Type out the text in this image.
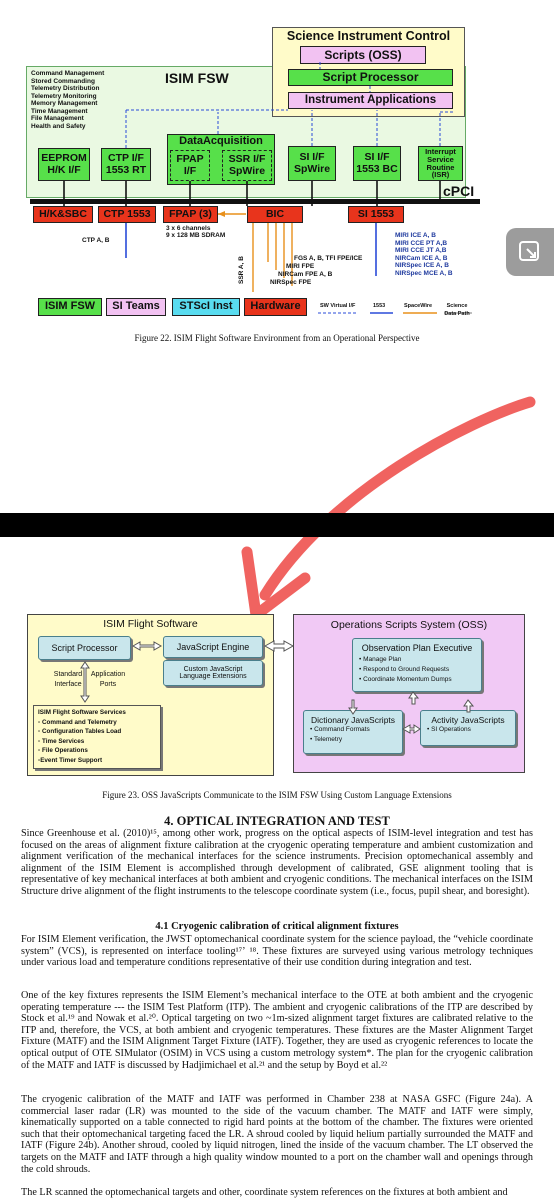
Science Instrument Control
Scripts (OSS)
Script Processor
Instrument Applications
ISIM FSW
Command Management
Stored Commanding
Telemetry Distribution
Telemetry Monitoring
Memory Management
Time Management
File Management
Health and Safety
DataAcquisition
EEPROM H/K I/F
CTP I/F 1553 RT
FPAP I/F
SSR I/F SpWire
SI I/F SpWire
SI I/F 1553 BC
Interrupt Service Routine (ISR)
cPCI
H/K&SBC	CTP 1553	FPAP (3)	BIC	SI 1553
CTP A, B
3 x 6 channels
9 x 128 MB SDRAM
SSR A, B	FGS A, B, TFI FPE/ICE
MIRI FPE
NIRCam FPE A, B
NIRSpec FPE
MIRI ICE A, B
MIRI CCE PT A,B
MIRI CCE JT A,B
NIRCam ICE A, B
NIRSpec ICE A, B
NIRSpec MCE A, B
ISIM FSW	SI Teams	STScI Inst	Hardware	SW Virtual I/F	1553	SpaceWire	Science Data Path
Figure 22. ISIM Flight Software Environment from an Operational Perspective
ISIM Flight Software
Script Processor	JavaScript Engine
Custom JavaScript Language Extensions
Standard Interface
Application Ports
ISIM Flight Software Services
▫ Command and Telemetry
▫ Configuration Tables Load
▫ Time Services
▫ File Operations
▫Event Timer Support
Operations Scripts System (OSS)
Observation Plan Executive
• Manage Plan
• Respond to Ground Requests
• Coordinate Momentum Dumps
Dictionary JavaScripts
• Command Formats
• Telemetry
Activity JavaScripts
• SI Operations
Figure 23. OSS JavaScripts Communicate to the ISIM FSW Using Custom Language Extensions
4. OPTICAL INTEGRATION AND TEST
Since Greenhouse et al. (2010)¹⁵, among other work, progress on the optical aspects of ISIM-level integration and test has focused on the areas of alignment fixture calibration at the cryogenic operating temperature and ambient customization and alignment verification of the mechanical interfaces for the science instruments. Precision optomechanical assembly and alignment of the ISIM Element is accomplished through development of calibrated, GSE alignment tooling that is representative of key mechanical interfaces at both ambient and cryogenic conditions. The mechanical interfaces on the ISIM Structure drive alignment of the flight instruments to the telescope coordinate system (i.e., focus, pupil shear, and boresight).
4.1 Cryogenic calibration of critical alignment fixtures
For ISIM Element verification, the JWST optomechanical coordinate system for the science payload, the “vehicle coordinate system” (VCS), is represented on interface tooling¹⁷ʼ ¹⁸. These fixtures are surveyed using various metrology techniques under various load and temperature conditions representative of their use condition during integration and test.
One of the key fixtures represents the ISIM Element’s mechanical interface to the OTE at both ambient and the cryogenic operating temperature --- the ISIM Test Platform (ITP). The ambient and cryogenic calibrations of the ITP are described by Stock et al.¹⁹ and Nowak et al.²⁰. Optical targeting on two ~1m-sized alignment target fixtures are calibrated relative to the ITP and, therefore, the VCS, at both ambient and cryogenic temperatures. These fixtures are the Master Alignment Target Fixture (MATF) and the ISIM Alignment Target Fixture (IATF). Together, they are used as cryogenic references to locate the optical output of OTE SIMulator (OSIM) in VCS using a custom metrology system*. The plan for the cryogenic calibration of the MATF and IATF is discussed by Hadjimichael et al.²¹ and the setup by Boyd et al.²²
The cryogenic calibration of the MATF and IATF was performed in Chamber 238 at NASA GSFC (Figure 24a). A commercial laser radar (LR) was mounted to the side of the vacuum chamber. The MATF and IATF were simply, kinematically supported on a table connected to rigid hard points at the bottom of the chamber. The fixtures were oriented such that their optomechanical targeting faced the LR. A shroud cooled by liquid helium partially surrounded the MATF and IATF (Figure 24b). Another shroud, cooled by liquid nitrogen, lined the inside of the vacuum chamber. The LT observed the targets on the MATF and IATF through a high quality window mounted to a port on the chamber wall and openings through the cold shrouds.
The LR scanned the optomechanical targets and other, coordinate system references on the fixtures at both ambient and
